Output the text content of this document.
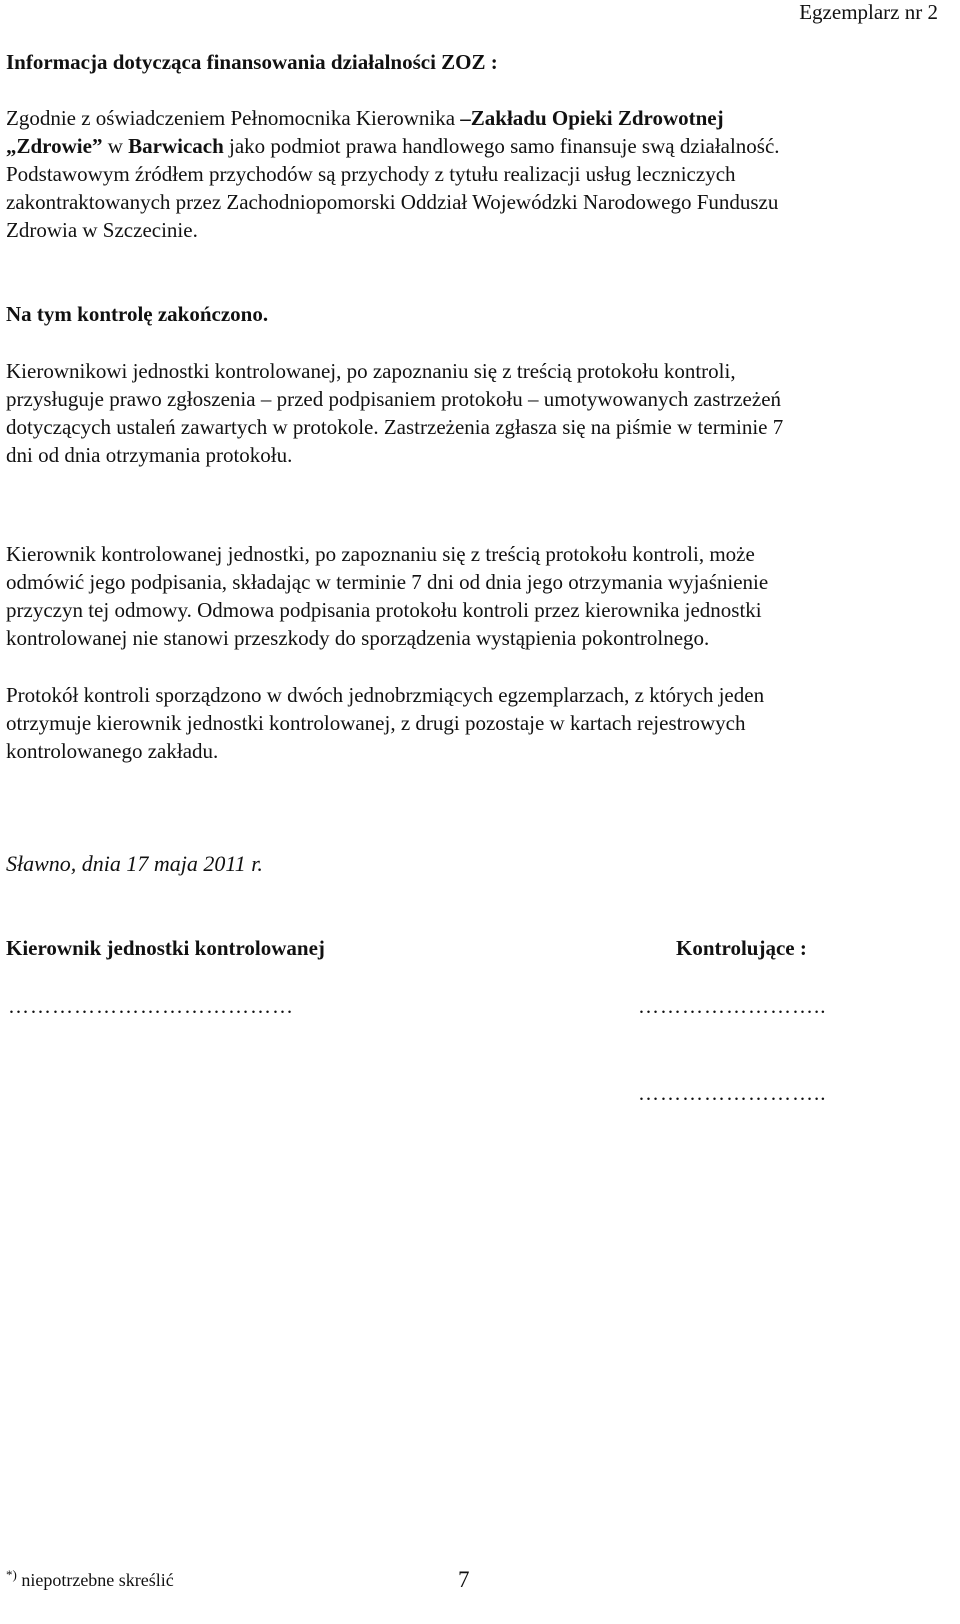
Egzemplarz nr 2
Informacja dotycząca finansowania działalności ZOZ :
Zgodnie z oświadczeniem Pełnomocnika Kierownika –Zakładu Opieki Zdrowotnej
„Zdrowie” w Barwicach jako podmiot prawa handlowego samo finansuje swą działalność.
Podstawowym źródłem przychodów są przychody z tytułu realizacji usług leczniczych
zakontraktowanych przez Zachodniopomorski Oddział Wojewódzki Narodowego Funduszu
Zdrowia w Szczecinie.
Na tym kontrolę zakończono.
Kierownikowi jednostki kontrolowanej, po zapoznaniu się z treścią protokołu kontroli,
przysługuje prawo zgłoszenia – przed podpisaniem protokołu – umotywowanych zastrzeżeń
dotyczących ustaleń zawartych w protokole. Zastrzeżenia zgłasza się na piśmie w terminie 7
dni od dnia otrzymania protokołu.
Kierownik kontrolowanej jednostki, po zapoznaniu się z treścią protokołu kontroli, może
odmówić jego podpisania, składając w terminie 7 dni od dnia jego otrzymania wyjaśnienie
przyczyn tej odmowy. Odmowa podpisania protokołu kontroli przez kierownika jednostki
kontrolowanej nie stanowi przeszkody do sporządzenia wystąpienia pokontrolnego.
Protokół kontroli sporządzono w dwóch jednobrzmiących egzemplarzach, z których jeden
otrzymuje kierownik jednostki kontrolowanej, z drugi pozostaje w kartach rejestrowych
kontrolowanego zakładu.
Sławno, dnia 17 maja 2011 r.
Kierownik jednostki kontrolowanej	Kontrolujące :
…………………………………	……………………..
……………………..
*) niepotrzebne skreślić	7
